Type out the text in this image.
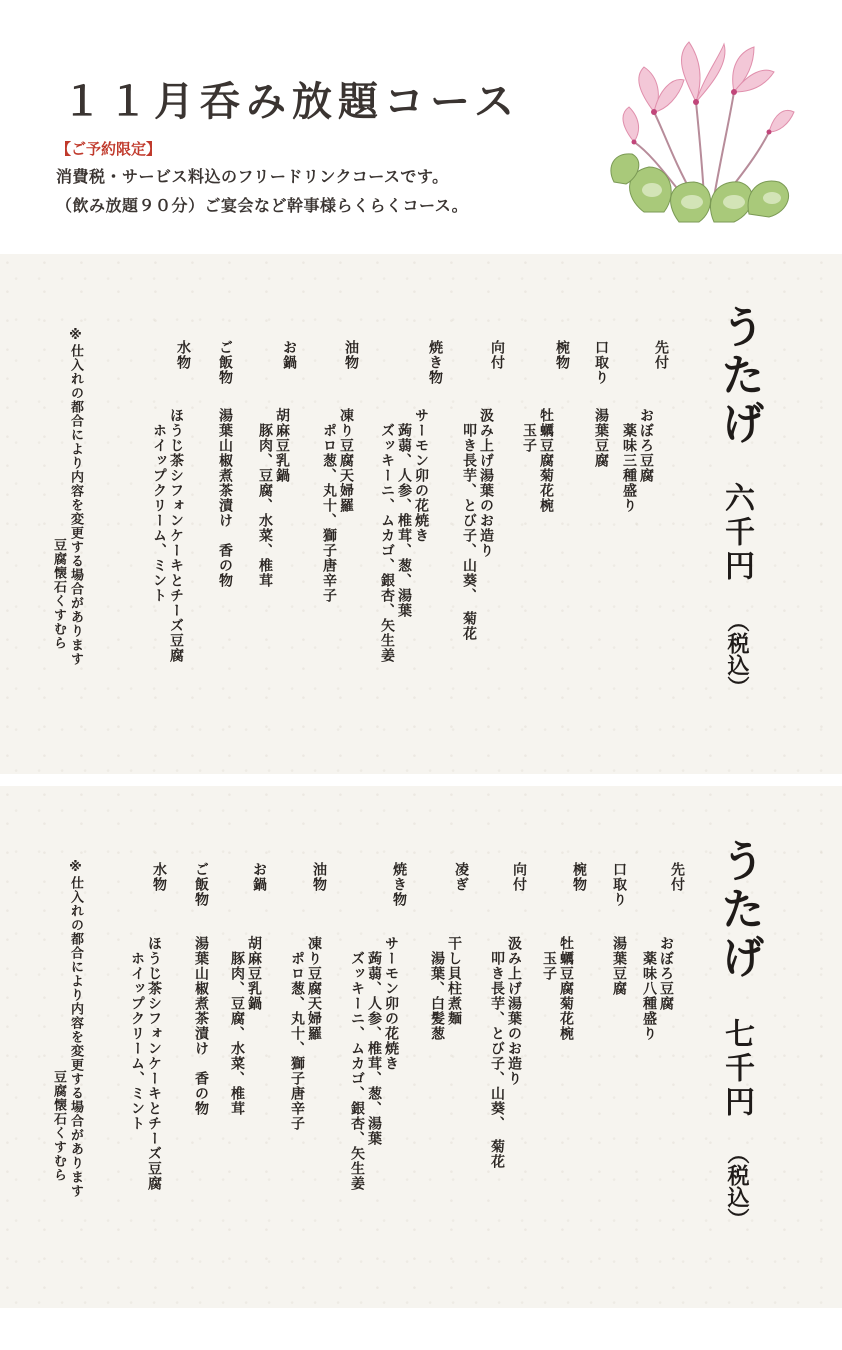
１１月呑み放題コース
【ご予約限定】
消費税・サービス料込のフリードリンクコースです。
（飲み放題９０分）ご宴会など幹事様らくらくコース。
うたげ
六千円
（税込）
先付
おぼろ豆腐
　薬味三種盛り
口取り
湯葉豆腐
椀物
牡蠣豆腐菊花椀
　玉子
向付
汲み上げ湯葉のお造り
　叩き長芋、とび子、山葵、　菊花
焼き物
サーモン卯の花焼き
　蒟蒻、人参、椎茸、葱、湯葉
　ズッキーニ、ムカゴ、銀杏、矢生姜
油物
凍り豆腐天婦羅
　ポロ葱、丸十、獅子唐辛子
お鍋
胡麻豆乳鍋
　豚肉、豆腐、水菜、椎茸
ご飯物
湯葉山椒煮茶漬け　香の物
水物
ほうじ茶シフォンケーキとチーズ豆腐
　ホイップクリーム、ミント
※仕入れの都合により内容を変更する場合があります
　　　　　　　　　　　　　　　豆腐懐石くすむら
うたげ
七千円
（税込）
先付
おぼろ豆腐
　薬味八種盛り
口取り
湯葉豆腐
椀物
牡蠣豆腐菊花椀
　玉子
向付
汲み上げ湯葉のお造り
　叩き長芋、とび子、山葵、　菊花
凌ぎ
干し貝柱煮麺
　湯葉、白髪葱
焼き物
サーモン卯の花焼き
　蒟蒻、人参、椎茸、葱、湯葉
　ズッキーニ、ムカゴ、銀杏、矢生姜
油物
凍り豆腐天婦羅
　ポロ葱、丸十、獅子唐辛子
お鍋
胡麻豆乳鍋
　豚肉、豆腐、水菜、椎茸
ご飯物
湯葉山椒煮茶漬け　香の物
水物
ほうじ茶シフォンケーキとチーズ豆腐
　ホイップクリーム、ミント
※仕入れの都合により内容を変更する場合があります
　　　　　　　　　　　　　　　豆腐懐石くすむら
